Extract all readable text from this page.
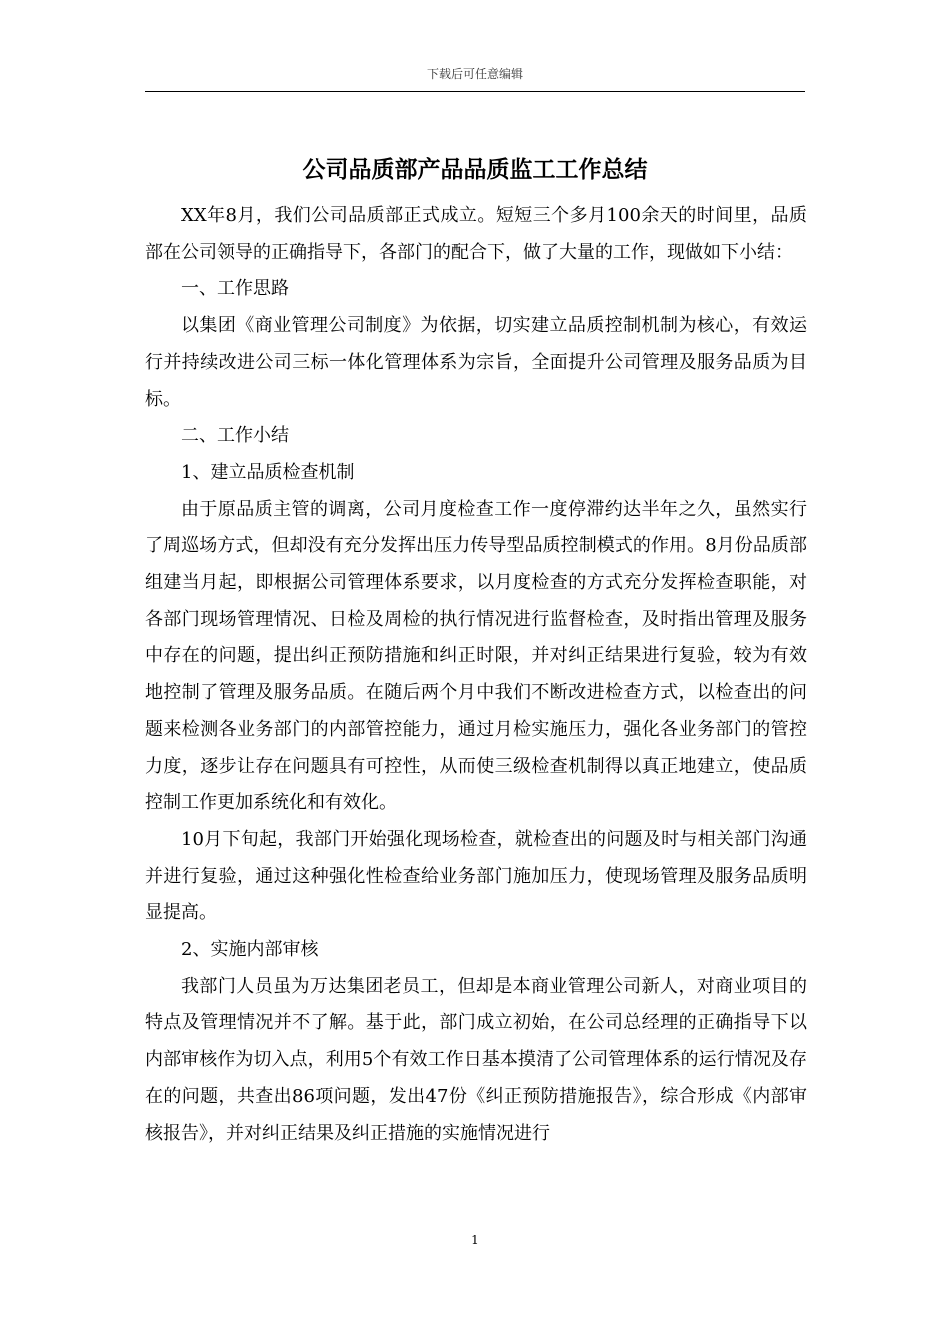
下载后可任意编辑
公司品质部产品品质监工工作总结

XX年8月，我们公司品质部正式成立。短短三个多月100余天的时间里，品质部在公司领导的正确指导下，各部门的配合下，做了大量的工作，现做如下小结：

一、工作思路

以集团《商业管理公司制度》为依据，切实建立品质控制机制为核心，有效运行并持续改进公司三标一体化管理体系为宗旨，全面提升公司管理及服务品质为目标。

二、工作小结

1、建立品质检查机制

由于原品质主管的调离，公司月度检查工作一度停滞约达半年之久，虽然实行了周巡场方式，但却没有充分发挥出压力传导型品质控制模式的作用。8月份品质部组建当月起，即根据公司管理体系要求，以月度检查的方式充分发挥检查职能，对各部门现场管理情况、日检及周检的执行情况进行监督检查，及时指出管理及服务中存在的问题，提出纠正预防措施和纠正时限，并对纠正结果进行复验，较为有效地控制了管理及服务品质。在随后两个月中我们不断改进检查方式，以检查出的问题来检测各业务部门的内部管控能力，通过月检实施压力，强化各业务部门的管控力度，逐步让存在问题具有可控性，从而使三级检查机制得以真正地建立，使品质控制工作更加系统化和有效化。

10月下旬起，我部门开始强化现场检查，就检查出的问题及时与相关部门沟通并进行复验，通过这种强化性检查给业务部门施加压力，使现场管理及服务品质明显提高。

2、实施内部审核

我部门人员虽为万达集团老员工，但却是本商业管理公司新人，对商业项目的特点及管理情况并不了解。基于此，部门成立初始，在公司总经理的正确指导下以内部审核作为切入点，利用5个有效工作日基本摸清了公司管理体系的运行情况及存在的问题，共查出86项问题，发出47份《纠正预防措施报告》，综合形成《内部审核报告》，并对纠正结果及纠正措施的实施情况进行

1
